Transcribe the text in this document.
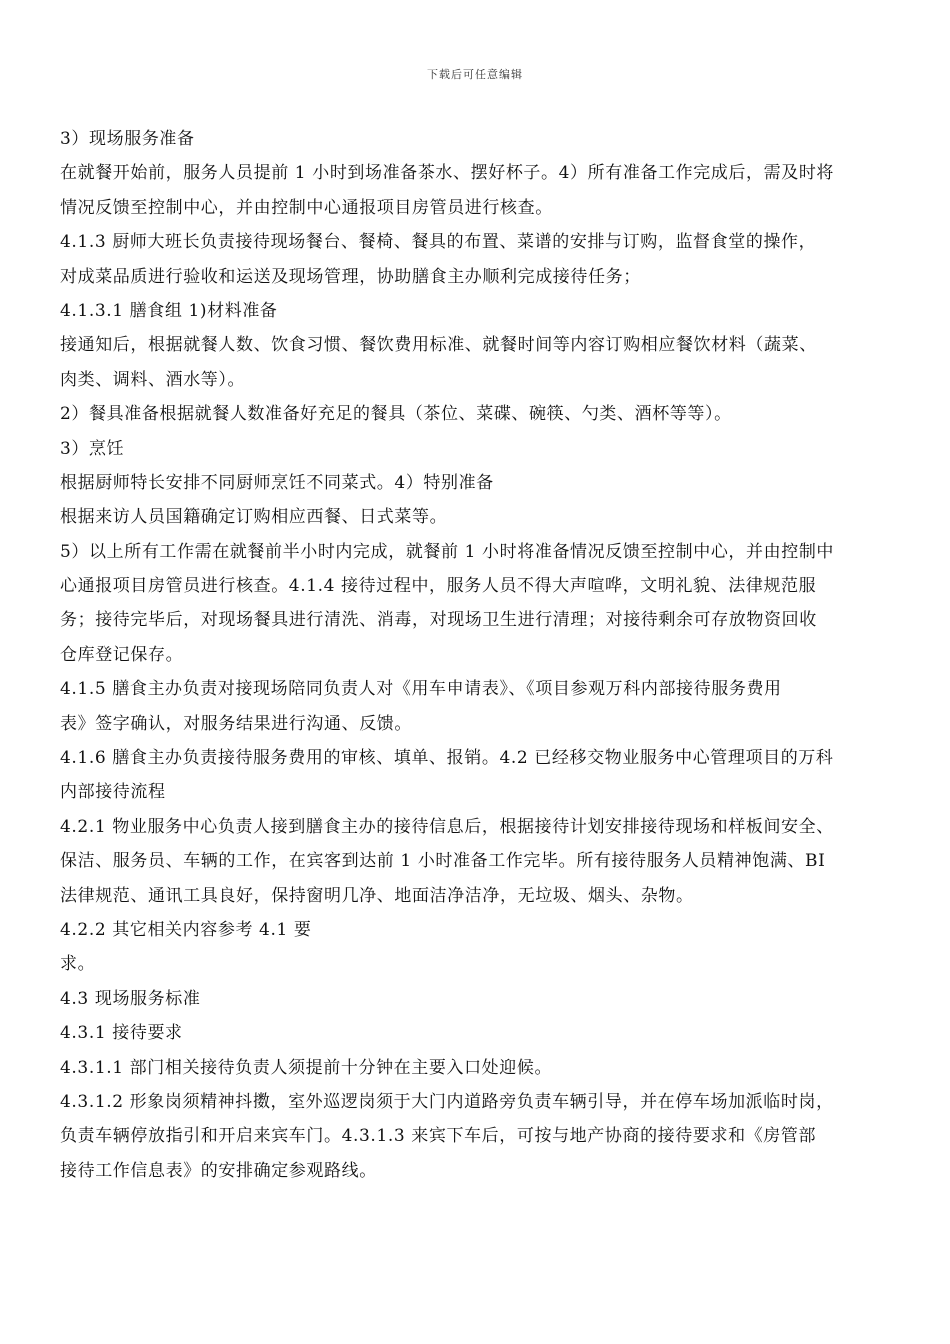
下载后可任意编辑
3）现场服务准备
在就餐开始前，服务人员提前 1 小时到场准备茶水、摆好杯子。4）所有准备工作完成后，需及时将
情况反馈至控制中心，并由控制中心通报项目房管员进行核查。
4.1.3 厨师大班长负责接待现场餐台、餐椅、餐具的布置、菜谱的安排与订购，监督食堂的操作，
对成菜品质进行验收和运送及现场管理，协助膳食主办顺利完成接待任务；
4.1.3.1 膳食组 1)材料准备
接通知后，根据就餐人数、饮食习惯、餐饮费用标准、就餐时间等内容订购相应餐饮材料（蔬菜、
肉类、调料、酒水等）。
2）餐具准备根据就餐人数准备好充足的餐具（茶位、菜碟、碗筷、勺类、酒杯等等）。
3）烹饪
根据厨师特长安排不同厨师烹饪不同菜式。4）特别准备
根据来访人员国籍确定订购相应西餐、日式菜等。
5）以上所有工作需在就餐前半小时内完成，就餐前 1 小时将准备情况反馈至控制中心，并由控制中
心通报项目房管员进行核查。4.1.4 接待过程中，服务人员不得大声喧哗，文明礼貌、法律规范服
务；接待完毕后，对现场餐具进行清洗、消毒，对现场卫生进行清理；对接待剩余可存放物资回收
仓库登记保存。
4.1.5 膳食主办负责对接现场陪同负责人对《用车申请表》、《项目参观万科内部接待服务费用
表》签字确认，对服务结果进行沟通、反馈。
4.1.6 膳食主办负责接待服务费用的审核、填单、报销。4.2 已经移交物业服务中心管理项目的万科
内部接待流程
4.2.1 物业服务中心负责人接到膳食主办的接待信息后，根据接待计划安排接待现场和样板间安全、
保洁、服务员、车辆的工作，在宾客到达前 1 小时准备工作完毕。所有接待服务人员精神饱满、BI
法律规范、通讯工具良好，保持窗明几净、地面洁净洁净，无垃圾、烟头、杂物。
4.2.2 其它相关内容参考 4.1 要
求。
4.3 现场服务标准
4.3.1 接待要求
4.3.1.1 部门相关接待负责人须提前十分钟在主要入口处迎候。
4.3.1.2 形象岗须精神抖擞，室外巡逻岗须于大门内道路旁负责车辆引导，并在停车场加派临时岗，
负责车辆停放指引和开启来宾车门。4.3.1.3 来宾下车后，可按与地产协商的接待要求和《房管部
接待工作信息表》的安排确定参观路线。
